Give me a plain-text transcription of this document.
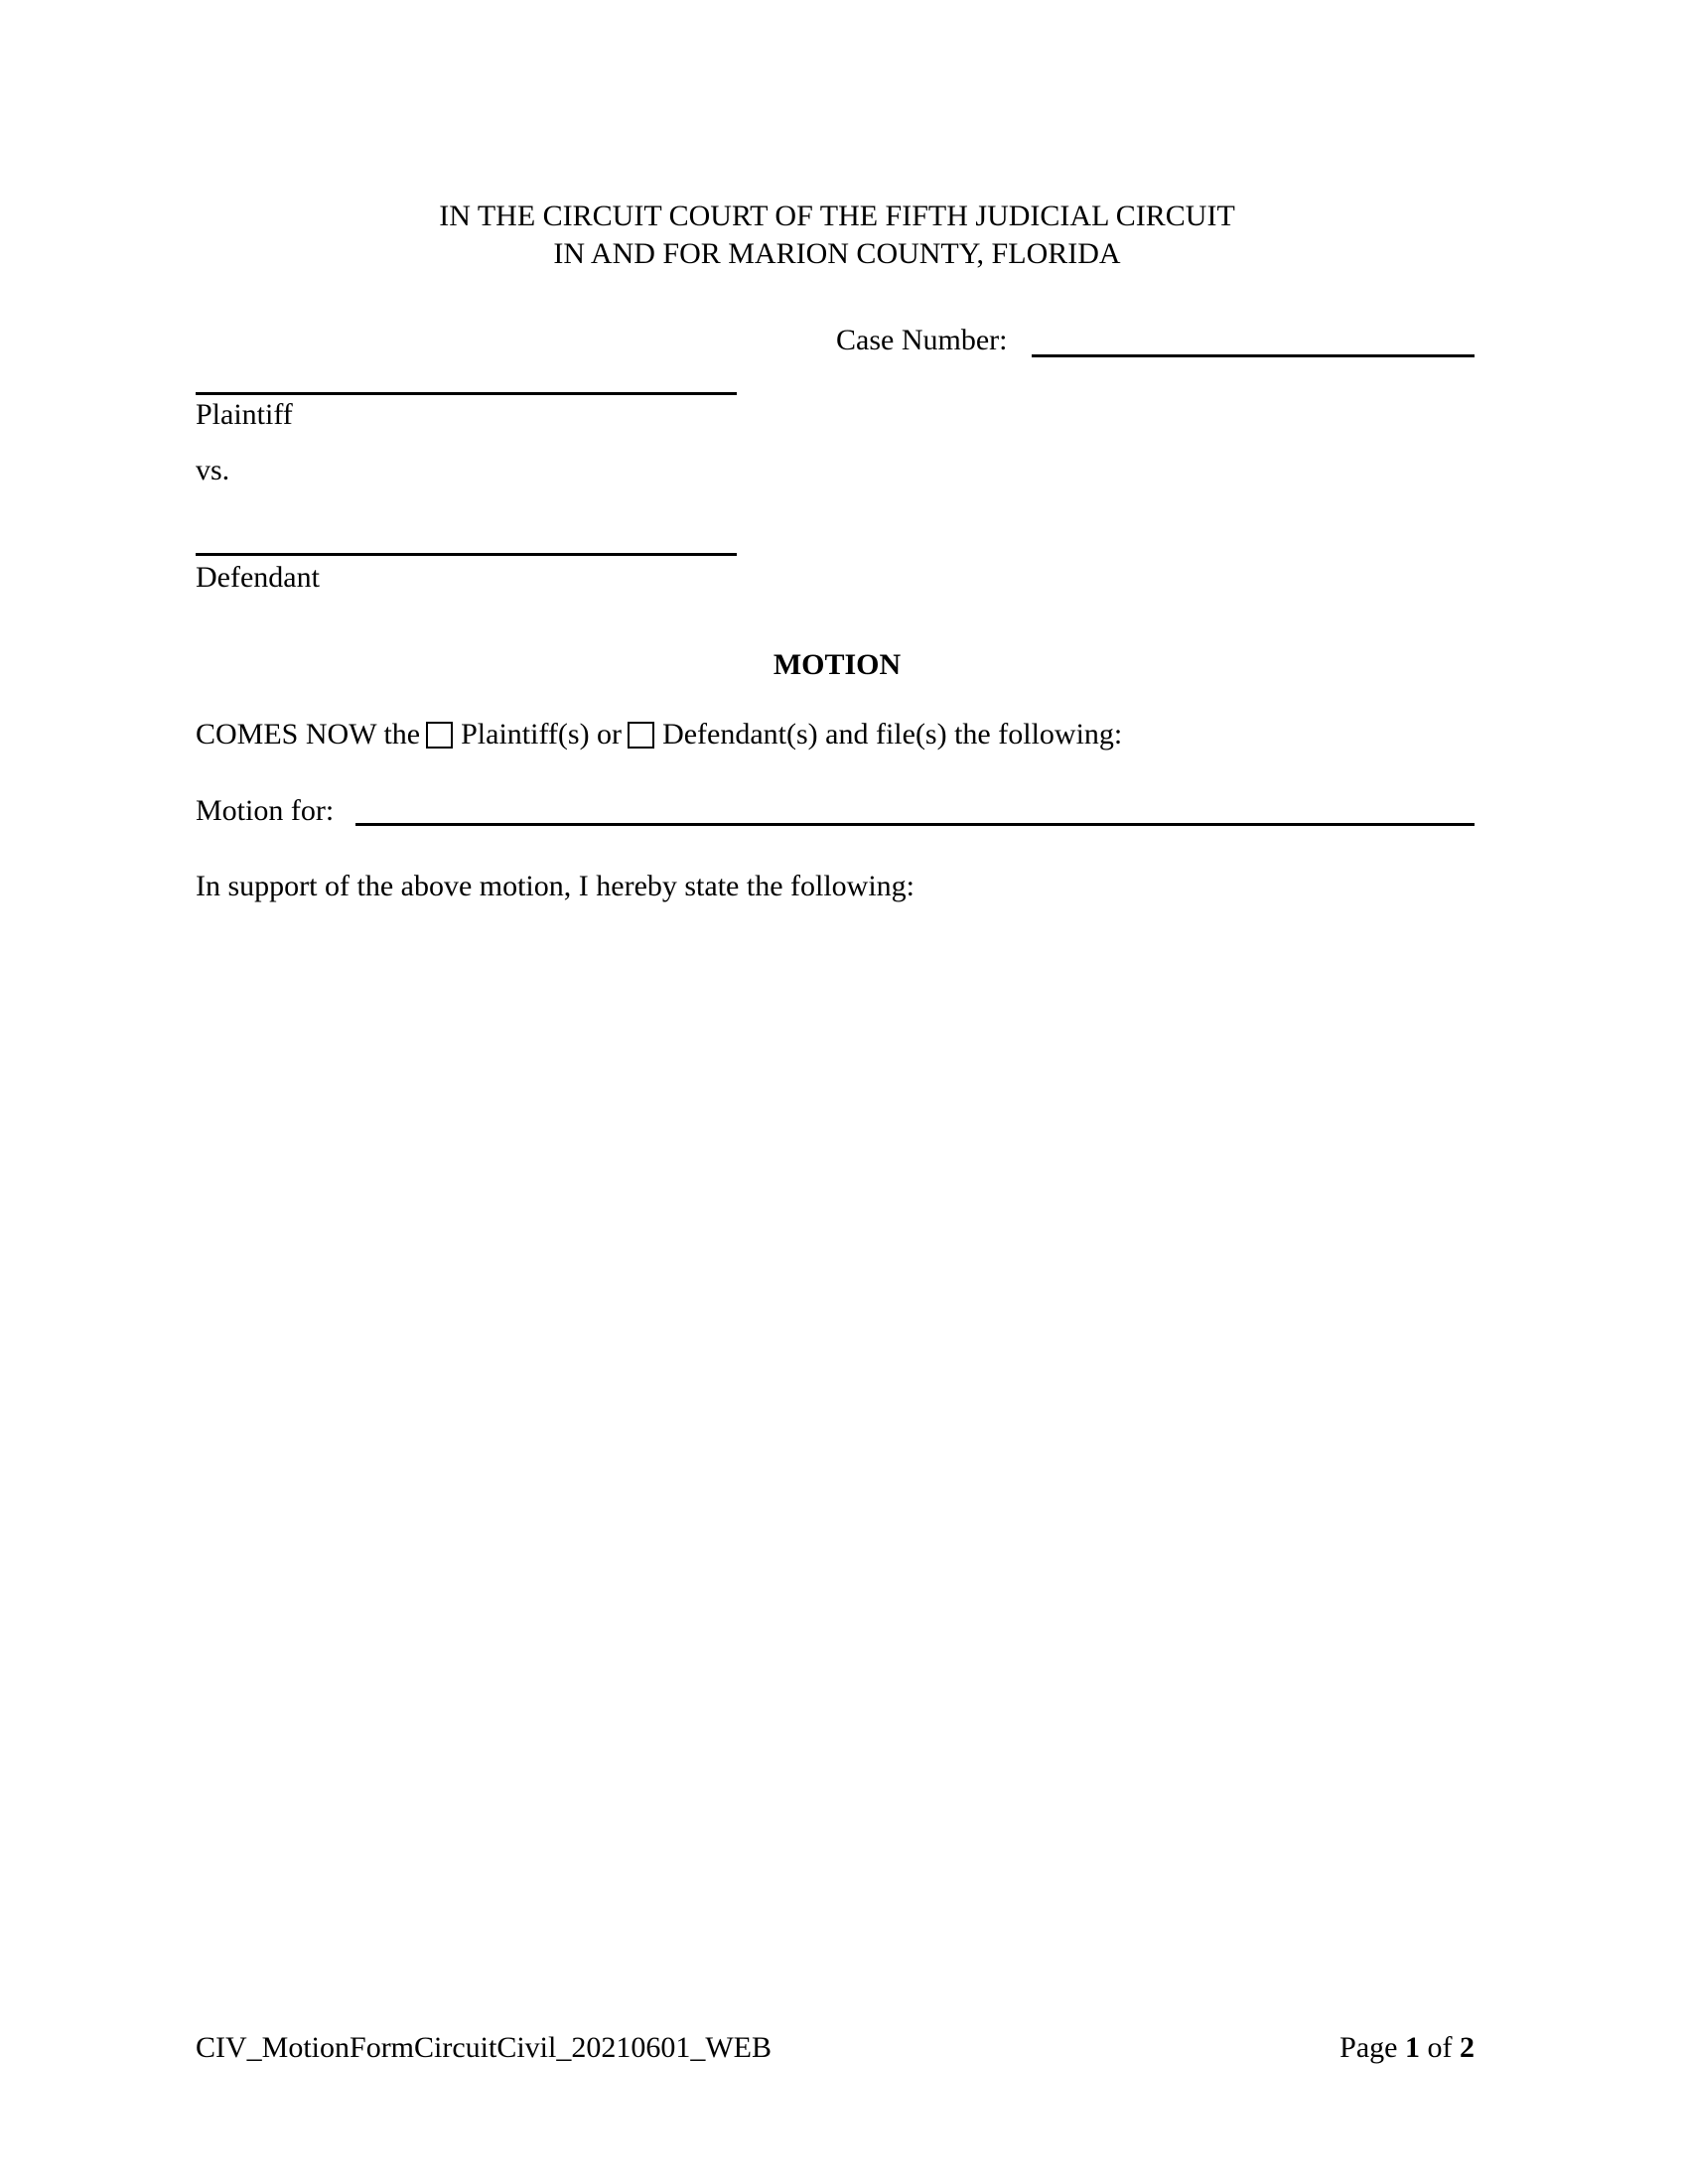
IN THE CIRCUIT COURT OF THE FIFTH JUDICIAL CIRCUIT
IN AND FOR MARION COUNTY, FLORIDA
Case Number:
Plaintiff
vs.
Defendant
MOTION
COMES NOW the Plaintiff(s) or Defendant(s) and file(s) the following:
Motion for:
In support of the above motion, I hereby state the following:
CIV_MotionFormCircuitCivil_20210601_WEB	Page 1 of 2
